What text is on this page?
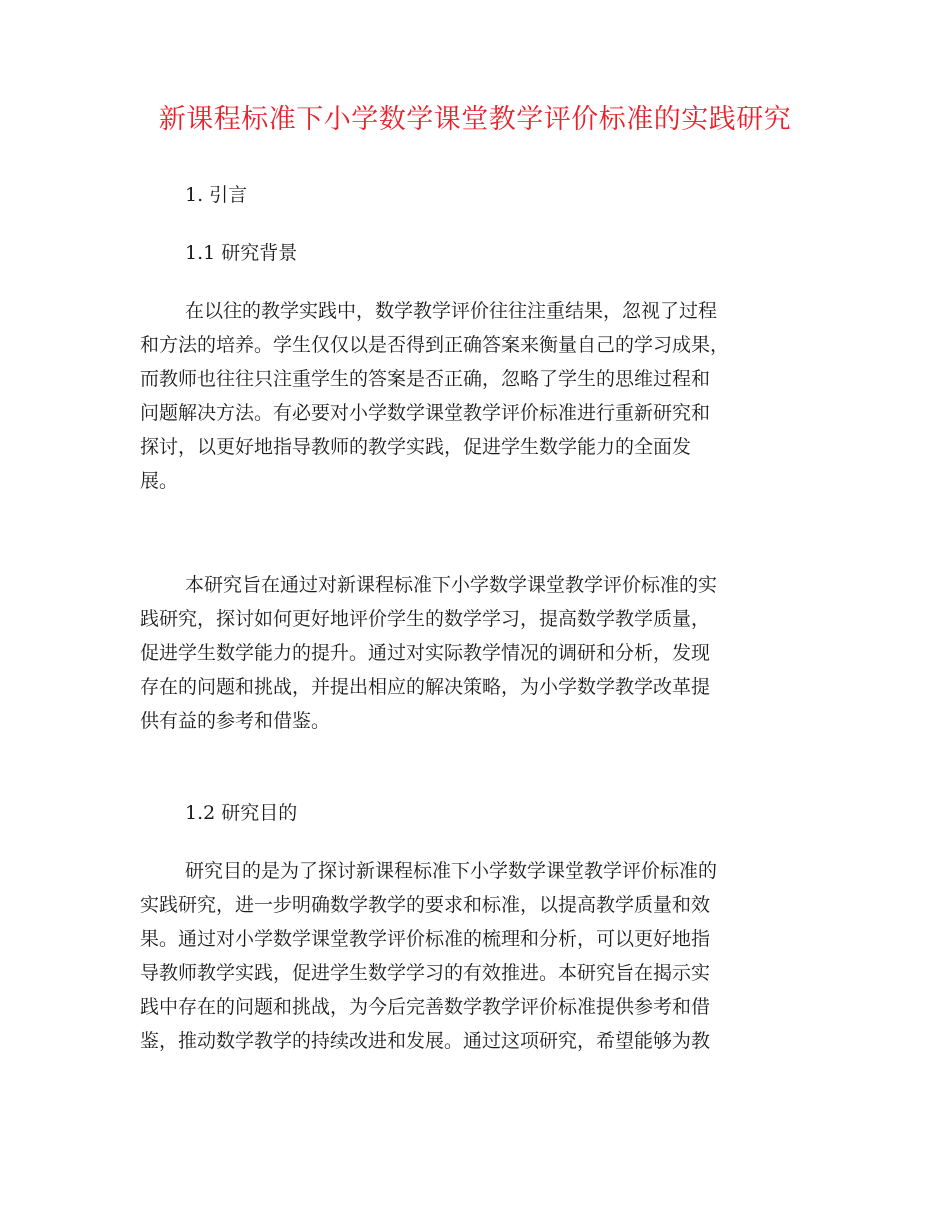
新课程标准下小学数学课堂教学评价标准的实践研究
1. 引言
1.1 研究背景
在以往的教学实践中，数学教学评价往往注重结果，忽视了过程
和方法的培养。学生仅仅以是否得到正确答案来衡量自己的学习成果，
而教师也往往只注重学生的答案是否正确，忽略了学生的思维过程和
问题解决方法。有必要对小学数学课堂教学评价标准进行重新研究和
探讨，以更好地指导教师的教学实践，促进学生数学能力的全面发
展。
本研究旨在通过对新课程标准下小学数学课堂教学评价标准的实
践研究，探讨如何更好地评价学生的数学学习，提高数学教学质量，
促进学生数学能力的提升。通过对实际教学情况的调研和分析，发现
存在的问题和挑战，并提出相应的解决策略，为小学数学教学改革提
供有益的参考和借鉴。
1.2 研究目的
研究目的是为了探讨新课程标准下小学数学课堂教学评价标准的
实践研究，进一步明确数学教学的要求和标准，以提高教学质量和效
果。通过对小学数学课堂教学评价标准的梳理和分析，可以更好地指
导教师教学实践，促进学生数学学习的有效推进。本研究旨在揭示实
践中存在的问题和挑战，为今后完善数学教学评价标准提供参考和借
鉴，推动数学教学的持续改进和发展。通过这项研究，希望能够为教
